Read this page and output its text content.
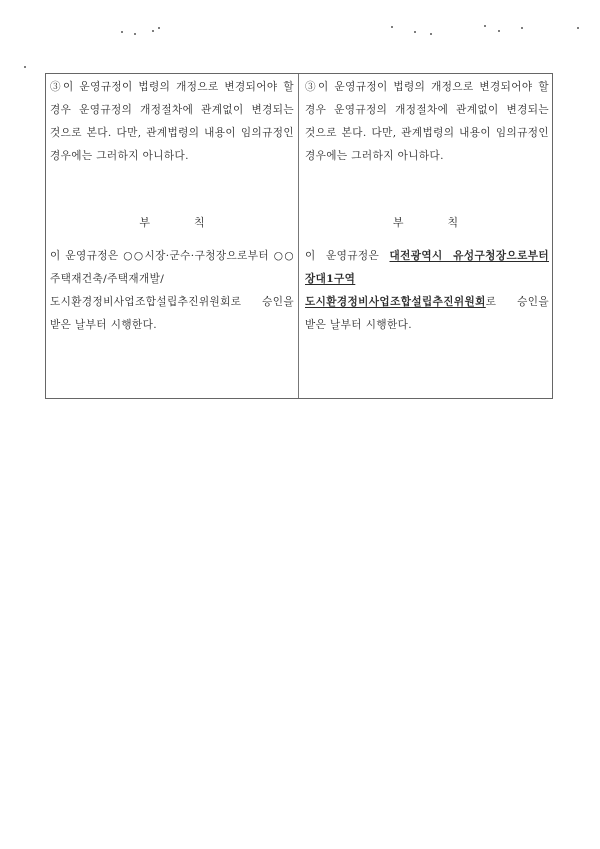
③이 운영규정이 법령의 개정으로 변경되어야 할 경우 운영규정의 개정절차에 관계없이 변경되는 것으로 본다. 다만, 관계법령의 내용이 임의규정인 경우에는 그러하지 아니하다.
부칙
이 운영규정은 ○○시장·군수·구청장으로부터 ○○주택재건축/주택재개발/도시환경정비사업조합설립추진위원회로 승인을 받은 날부터 시행한다.
③이 운영규정이 법령의 개정으로 변경되어야 할 경우 운영규정의 개정절차에 관계없이 변경되는 것으로 본다. 다만, 관계법령의 내용이 임의규정인 경우에는 그러하지 아니하다.
부칙
이 운영규정은 대전광역시 유성구청장으로부터 장대1구역 도시환경정비사업조합설립추진위원회로 승인을 받은 날부터 시행한다.
